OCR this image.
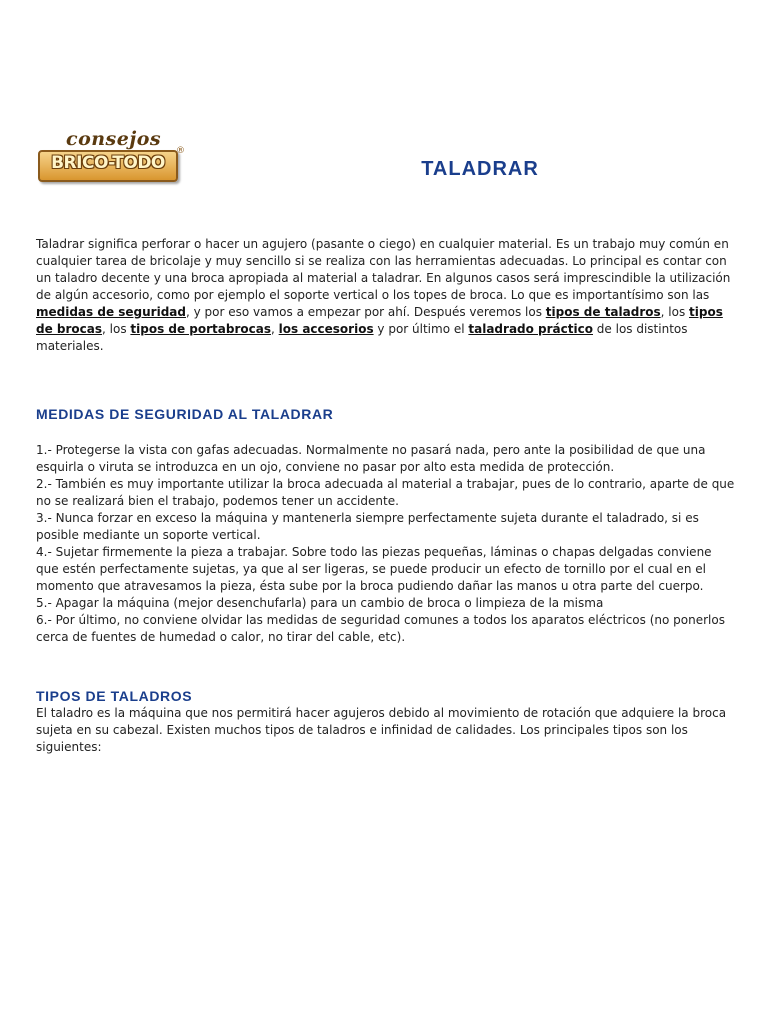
consejos
BRICO-TODO
®
TALADRAR

Taladrar significa perforar o hacer un agujero (pasante o ciego) en cualquier material. Es un trabajo muy común en cualquier tarea de bricolaje y muy sencillo si se realiza con las herramientas adecuadas. Lo principal es contar con un taladro decente y una broca apropiada al material a taladrar. En algunos casos será imprescindible la utilización de algún accesorio, como por ejemplo el soporte vertical o los topes de broca. Lo que es importantísimo son las medidas de seguridad, y por eso vamos a empezar por ahí. Después veremos los tipos de taladros, los tipos de brocas, los tipos de portabrocas, los accesorios y por último el taladrado práctico de los distintos materiales.

MEDIDAS DE SEGURIDAD AL TALADRAR

1.- Protegerse la vista con gafas adecuadas. Normalmente no pasará nada, pero ante la posibilidad de que una esquirla o viruta se introduzca en un ojo, conviene no pasar por alto esta medida de protección.

2.- También es muy importante utilizar la broca adecuada al material a trabajar, pues de lo contrario, aparte de que no se realizará bien el trabajo, podemos tener un accidente.

3.- Nunca forzar en exceso la máquina y mantenerla siempre perfectamente sujeta durante el taladrado, si es posible mediante un soporte vertical.

4.- Sujetar firmemente la pieza a trabajar. Sobre todo las piezas pequeñas, láminas o chapas delgadas conviene que estén perfectamente sujetas, ya que al ser ligeras, se puede producir un efecto de tornillo por el cual en el momento que atravesamos la pieza, ésta sube por la broca pudiendo dañar las manos u otra parte del cuerpo.

5.- Apagar la máquina (mejor desenchufarla) para un cambio de broca o limpieza de la misma

6.- Por último, no conviene olvidar las medidas de seguridad comunes a todos los aparatos eléctricos (no ponerlos cerca de fuentes de humedad o calor, no tirar del cable, etc).

TIPOS DE TALADROS

El taladro es la máquina que nos permitirá hacer agujeros debido al movimiento de rotación que adquiere la broca sujeta en su cabezal. Existen muchos tipos de taladros e infinidad de calidades. Los principales tipos son los siguientes:
